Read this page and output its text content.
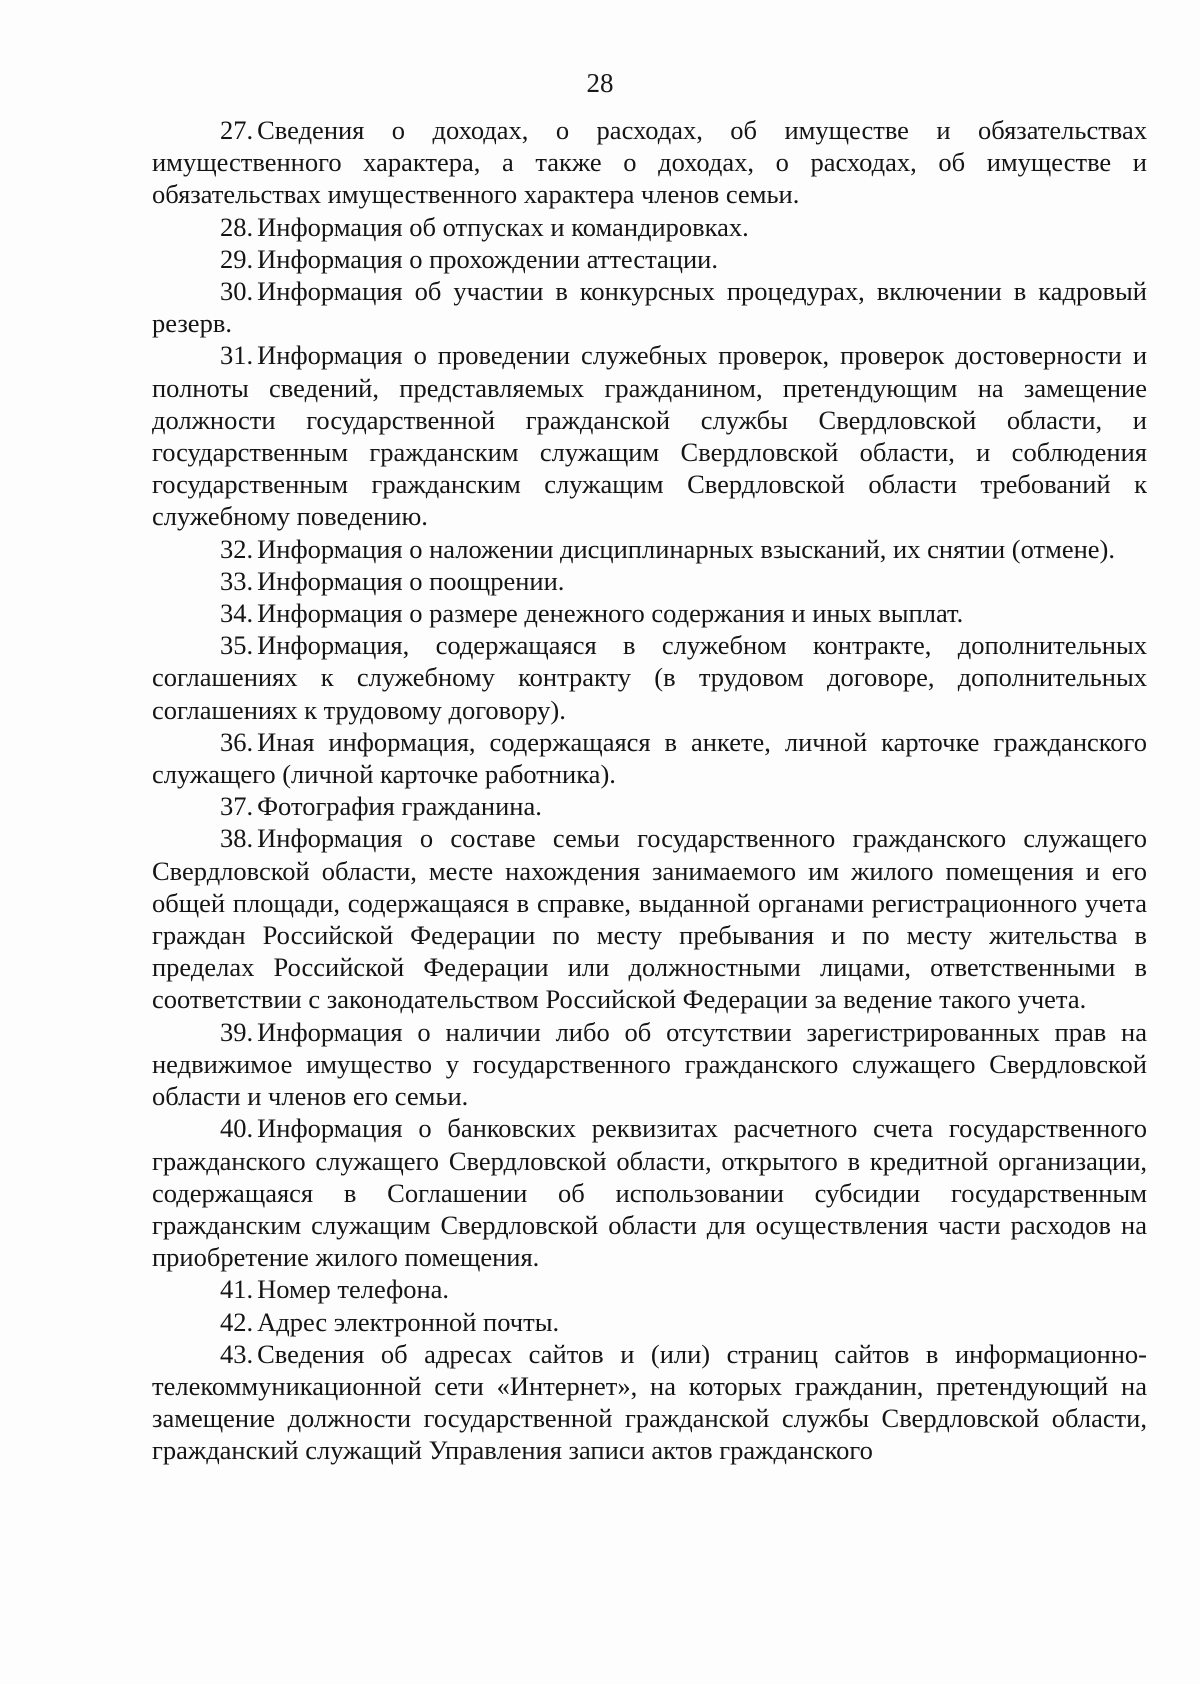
28

27. Сведения о доходах, о расходах, об имуществе и обязательствах имущественного характера, а также о доходах, о расходах, об имуществе и обязательствах имущественного характера членов семьи.

28. Информация об отпусках и командировках.

29. Информация о прохождении аттестации.

30. Информация об участии в конкурсных процедурах, включении в кадровый резерв.

31. Информация о проведении служебных проверок, проверок достоверности и полноты сведений, представляемых гражданином, претендующим на замещение должности государственной гражданской службы Свердловской области, и государственным гражданским служащим Свердловской области, и соблюдения государственным гражданским служащим Свердловской области требований к служебному поведению.

32. Информация о наложении дисциплинарных взысканий, их снятии (отмене).

33. Информация о поощрении.

34. Информация о размере денежного содержания и иных выплат.

35. Информация, содержащаяся в служебном контракте, дополнительных соглашениях к служебному контракту (в трудовом договоре, дополнительных соглашениях к трудовому договору).

36. Иная информация, содержащаяся в анкете, личной карточке гражданского служащего (личной карточке работника).

37. Фотография гражданина.

38. Информация о составе семьи государственного гражданского служащего Свердловской области, месте нахождения занимаемого им жилого помещения и его общей площади, содержащаяся в справке, выданной органами регистрационного учета граждан Российской Федерации по месту пребывания и по месту жительства в пределах Российской Федерации или должностными лицами, ответственными в соответствии с законодательством Российской Федерации за ведение такого учета.

39. Информация о наличии либо об отсутствии зарегистрированных прав на недвижимое имущество у государственного гражданского служащего Свердловской области и членов его семьи.

40. Информация о банковских реквизитах расчетного счета государственного гражданского служащего Свердловской области, открытого в кредитной организации, содержащаяся в Соглашении об использовании субсидии государственным гражданским служащим Свердловской области для осуществления части расходов на приобретение жилого помещения.

41. Номер телефона.

42. Адрес электронной почты.

43. Сведения об адресах сайтов и (или) страниц сайтов в информационно-телекоммуникационной сети «Интернет», на которых гражданин, претендующий на замещение должности государственной гражданской службы Свердловской области, гражданский служащий Управления записи актов гражданского
